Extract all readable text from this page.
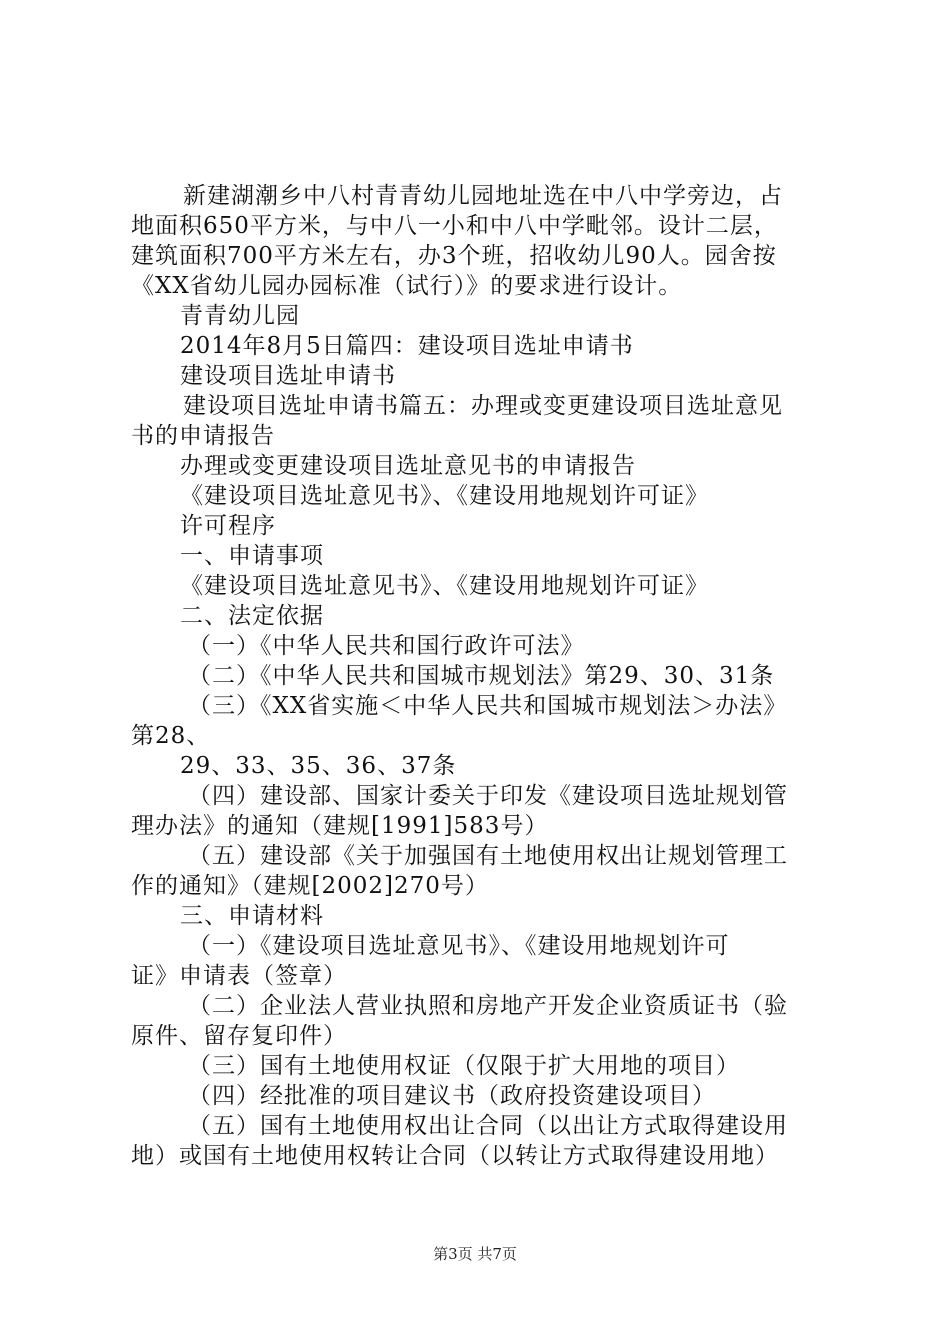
新建湖潮乡中八村青青幼儿园地址选在中八中学旁边，占
地面积650平方米，与中八一小和中八中学毗邻。设计二层，
建筑面积700平方米左右，办3个班，招收幼儿90人。园舍按
《XX省幼儿园办园标准（试行）》的要求进行设计。
青青幼儿园
2014年8月5日篇四：建设项目选址申请书
建设项目选址申请书
建设项目选址申请书篇五：办理或变更建设项目选址意见
书的申请报告
办理或变更建设项目选址意见书的申请报告
《建设项目选址意见书》、《建设用地规划许可证》
许可程序
一、申请事项
《建设项目选址意见书》、《建设用地规划许可证》
二、法定依据
（一）《中华人民共和国行政许可法》
（二）《中华人民共和国城市规划法》第29、30、31条
（三）《XX省实施＜中华人民共和国城市规划法＞办法》
第28、
29、33、35、36、37条
（四）建设部、国家计委关于印发《建设项目选址规划管
理办法》的通知（建规[1991]583号）
（五）建设部《关于加强国有土地使用权出让规划管理工
作的通知》（建规[2002]270号）
三、申请材料
（一）《建设项目选址意见书》、《建设用地规划许可
证》申请表（签章）
（二）企业法人营业执照和房地产开发企业资质证书（验
原件、留存复印件）
（三）国有土地使用权证（仅限于扩大用地的项目）
（四）经批准的项目建议书（政府投资建设项目）
（五）国有土地使用权出让合同（以出让方式取得建设用
地）或国有土地使用权转让合同（以转让方式取得建设用地）
第3页 共7页
